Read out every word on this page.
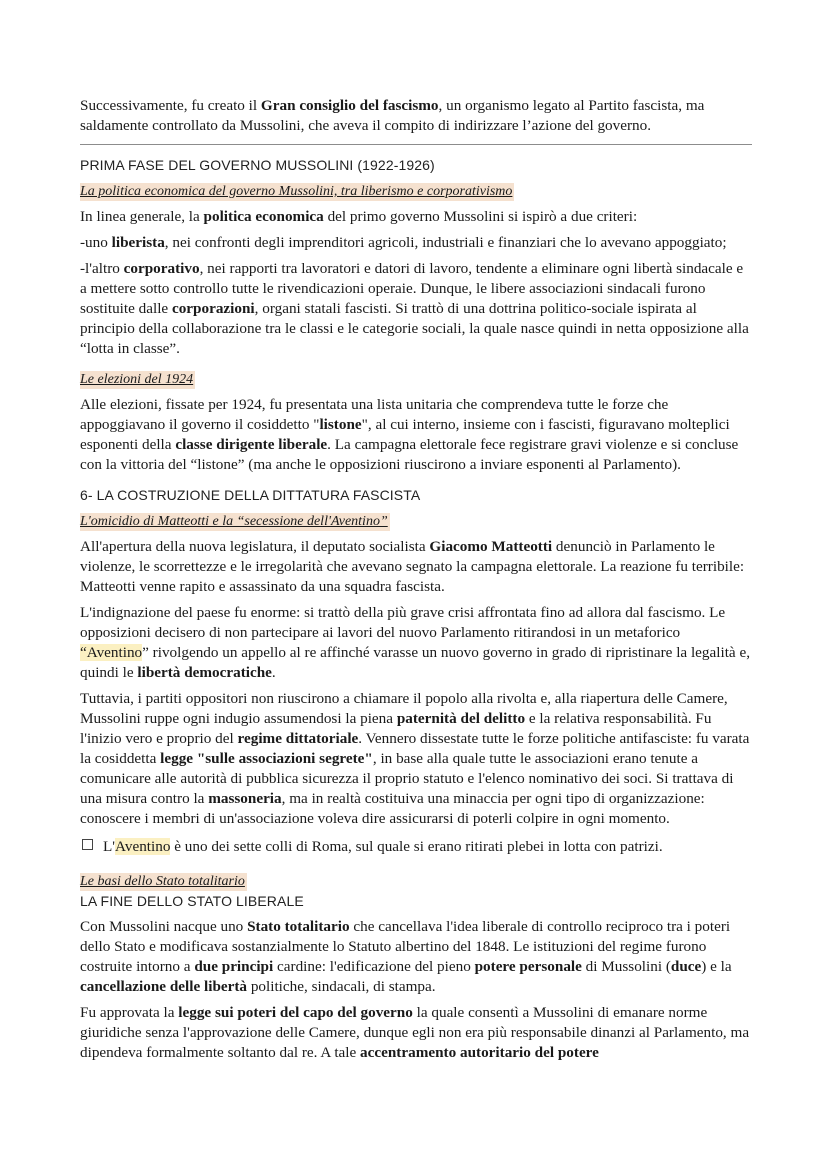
Successivamente, fu creato il Gran consiglio del fascismo, un organismo legato al Partito fascista, ma saldamente controllato da Mussolini, che aveva il compito di indirizzare l’azione del governo.

PRIMA FASE DEL GOVERNO MUSSOLINI (1922-1926)
La politica economica del governo Mussolini, tra liberismo e corporativismo

In linea generale, la politica economica del primo governo Mussolini si ispirò a due criteri:

-uno liberista, nei confronti degli imprenditori agricoli, industriali e finanziari che lo avevano appoggiato;

-l'altro corporativo, nei rapporti tra lavoratori e datori di lavoro, tendente a eliminare ogni libertà sindacale e a mettere sotto controllo tutte le rivendicazioni operaie. Dunque, le libere associazioni sindacali furono sostituite dalle corporazioni, organi statali fascisti. Si trattò di una dottrina politico-sociale ispirata al principio della collaborazione tra le classi e le categorie sociali, la quale nasce quindi in netta opposizione alla “lotta in classe”.

Le elezioni del 1924

Alle elezioni, fissate per 1924, fu presentata una lista unitaria che comprendeva tutte le forze che appoggiavano il governo il cosiddetto "listone", al cui interno, insieme con i fascisti, figuravano molteplici esponenti della classe dirigente liberale. La campagna elettorale fece registrare gravi violenze e si concluse con la vittoria del “listone” (ma anche le opposizioni riuscirono a inviare esponenti al Parlamento).

6- LA COSTRUZIONE DELLA DITTATURA FASCISTA
L'omicidio di Matteotti e la “secessione dell'Aventino”

All'apertura della nuova legislatura, il deputato socialista Giacomo Matteotti denunciò in Parlamento le violenze, le scorrettezze e le irregolarità che avevano segnato la campagna elettorale. La reazione fu terribile: Matteotti venne rapito e assassinato da una squadra fascista.

L'indignazione del paese fu enorme: si trattò della più grave crisi affrontata fino ad allora dal fascismo. Le opposizioni decisero di non partecipare ai lavori del nuovo Parlamento ritirandosi in un metaforico “Aventino” rivolgendo un appello al re affinché varasse un nuovo governo in grado di ripristinare la legalità e, quindi le libertà democratiche.

Tuttavia, i partiti oppositori non riuscirono a chiamare il popolo alla rivolta e, alla riapertura delle Camere, Mussolini ruppe ogni indugio assumendosi la piena paternità del delitto e la relativa responsabilità. Fu l'inizio vero e proprio del regime dittatoriale. Vennero dissestate tutte le forze politiche antifasciste: fu varata la cosiddetta legge "sulle associazioni segrete", in base alla quale tutte le associazioni erano tenute a comunicare alle autorità di pubblica sicurezza il proprio statuto e l'elenco nominativo dei soci. Si trattava di una misura contro la massoneria, ma in realtà costituiva una minaccia per ogni tipo di organizzazione: conoscere i membri di un'associazione voleva dire assicurarsi di poterli colpire in ogni momento.

L'Aventino è uno dei sette colli di Roma, sul quale si erano ritirati plebei in lotta con patrizi.

Le basi dello Stato totalitario
LA FINE DELLO STATO LIBERALE

Con Mussolini nacque uno Stato totalitario che cancellava l'idea liberale di controllo reciproco tra i poteri dello Stato e modificava sostanzialmente lo Statuto albertino del 1848. Le istituzioni del regime furono costruite intorno a due principi cardine: l'edificazione del pieno potere personale di Mussolini (duce) e la cancellazione delle libertà politiche, sindacali, di stampa.

Fu approvata la legge sui poteri del capo del governo la quale consentì a Mussolini di emanare norme giuridiche senza l'approvazione delle Camere, dunque egli non era più responsabile dinanzi al Parlamento, ma dipendeva formalmente soltanto dal re. A tale accentramento autoritario del potere
